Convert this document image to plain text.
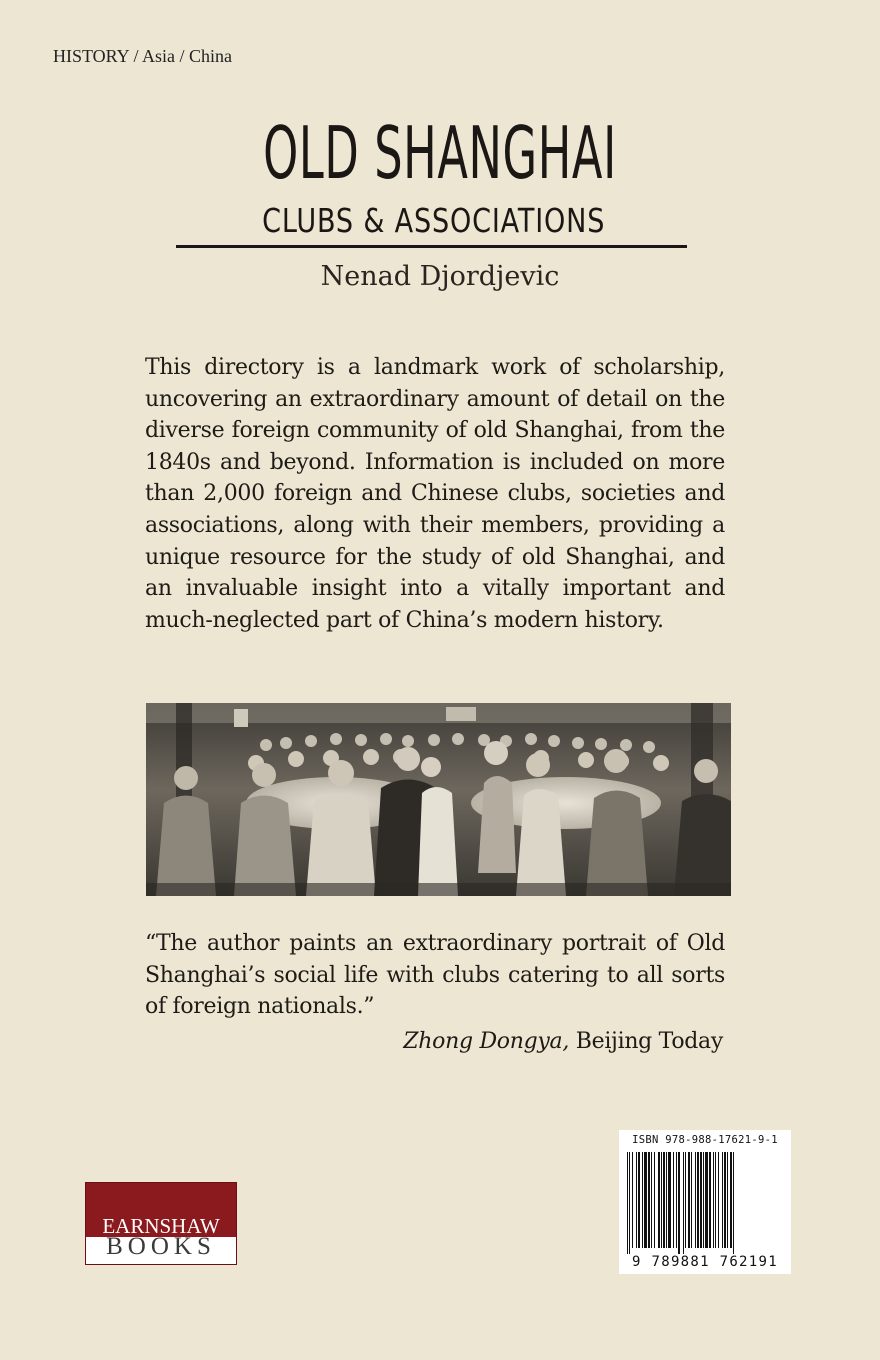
HISTORY / Asia / China
OLD SHANGHAI
CLUBS & ASSOCIATIONS
Nenad Djordjevic
This directory is a landmark work of scholarship, uncovering an extraordinary amount of detail on the diverse foreign community of old Shanghai, from the 1840s and beyond. Information is included on more than 2,000 foreign and Chinese clubs, societies and associations, along with their members, providing a unique resource for the study of old Shanghai, and an invaluable insight into a vitally important and much-neglected part of China’s modern history.
“The author paints an extraordinary portrait of Old Shanghai’s social life with clubs catering to all sorts of foreign nationals.”
Zhong Dongya, Beijing Today
ISBN 978-988-17621-9-1
9 789881 762191
EARNSHAW
BOOKS
